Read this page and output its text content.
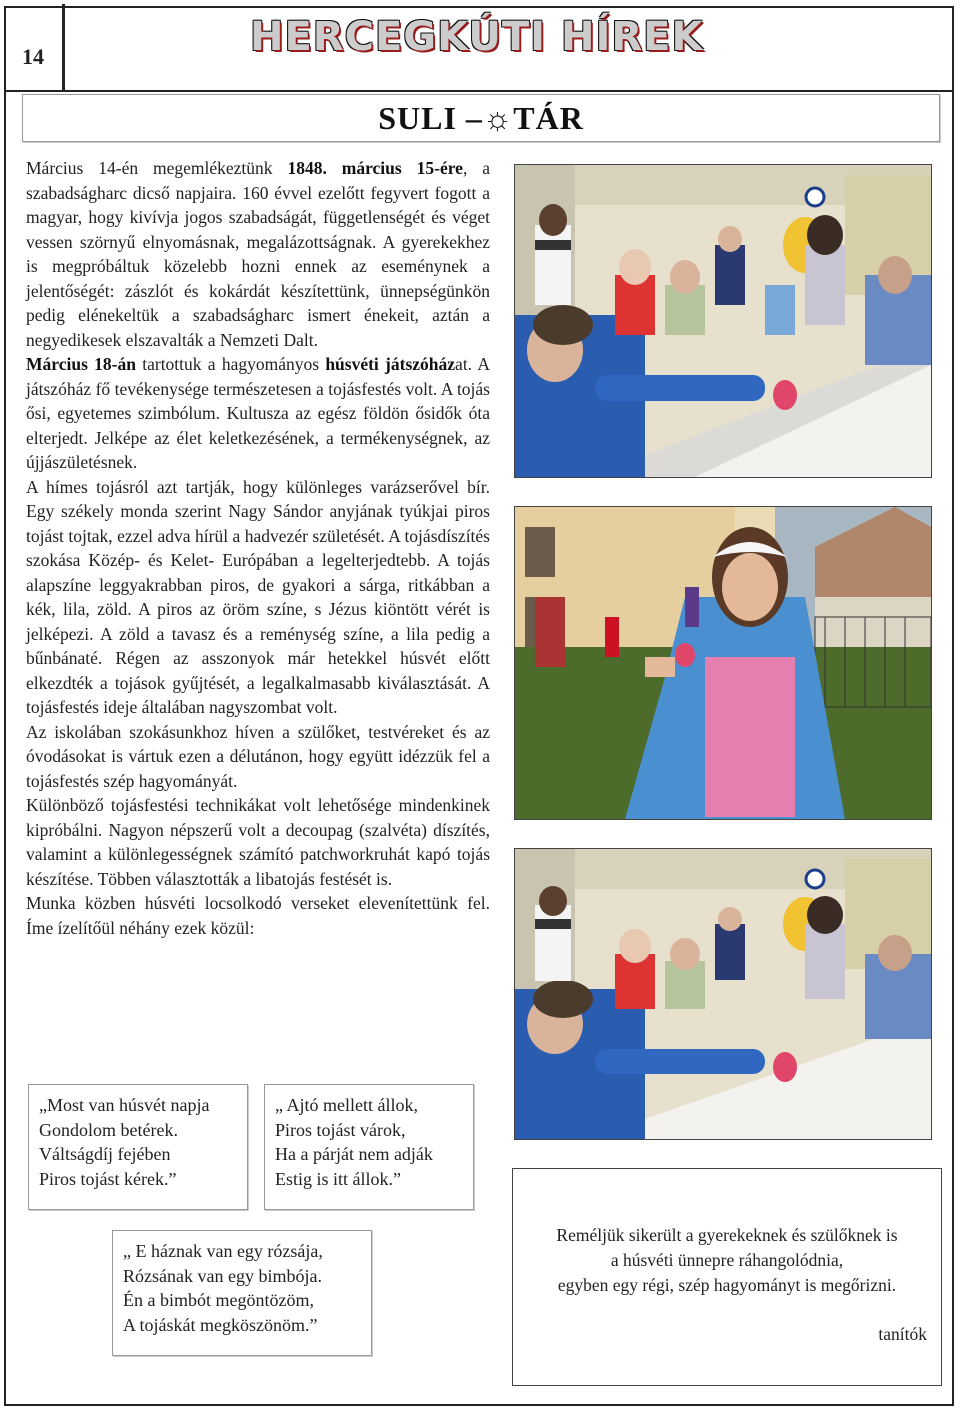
14	HERCEGKÚTI HÍREK
SULI –☼TÁR

Március 14-én megemlékeztünk 1848. március 15-ére, a szabadságharc dicső napjaira. 160 évvel ezelőtt fegyvert fogott a magyar, hogy kivívja jogos szabadságát, függetlenségét és véget vessen szörnyű elnyomásnak, megalázottságnak. A gyerekekhez is megpróbáltuk közelebb hozni ennek az eseménynek a jelentőségét: zászlót és kokárdát készítettünk, ünnepségünkön pedig elénekeltük a szabadságharc ismert énekeit, aztán a negyedikesek elszavalták a Nemzeti Dalt.

Március 18-án tartottuk a hagyományos húsvéti játszóházat. A játszóház fő tevékenysége természetesen a tojásfestés volt. A tojás ősi, egyetemes szimbólum. Kultusza az egész földön ősidők óta elterjedt. Jelképe az élet keletkezésének, a termékenységnek, az újjászületésnek.

A hímes tojásról azt tartják, hogy különleges varázserővel bír. Egy székely monda szerint Nagy Sándor anyjának tyúkjai piros tojást tojtak, ezzel adva hírül a hadvezér születését. A tojásdíszítés szokása Közép- és Kelet- Európában a legelterjedtebb. A tojás alapszíne leggyakrabban piros, de gyakori a sárga, ritkábban a kék, lila, zöld. A piros az öröm színe, s Jézus kiöntött vérét is jelképezi. A zöld a tavasz és a reménység színe, a lila pedig a bűnbánaté. Régen az asszonyok már hetekkel húsvét előtt elkezdték a tojások gyűjtését, a legalkalmasabb kiválasztását. A tojásfestés ideje általában nagyszombat volt.

Az iskolában szokásunkhoz híven a szülőket, testvéreket és az óvodásokat is vártuk ezen a délutánon, hogy együtt idézzük fel a tojásfestés szép hagyományát.

Különböző tojásfestési technikákat volt lehetősége mindenkinek kipróbálni. Nagyon népszerű volt a decoupag (szalvéta) díszítés, valamint a különlegességnek számító patchworkruhát kapó tojás készítése. Többen választották a libatojás festését is.

Munka közben húsvéti locsolkodó verseket elevenítettünk fel. Íme ízelítőül néhány ezek közül:

„Most van húsvét napja
Gondolom betérek.
Váltságdíj fejében
Piros tojást kérek.”
„ Ajtó mellett állok,
Piros tojást várok,
Ha a párját nem adják
Estig is itt állok.”
„ E háznak van egy rózsája,
Rózsának van egy bimbója.
Én a bimbót megöntözöm,
A tojáskát megköszönöm.”
Reméljük sikerült a gyerekeknek és szülőknek is
a húsvéti ünnepre ráhangolódnia,
egyben egy régi, szép hagyományt is megőrizni.
tanítók
